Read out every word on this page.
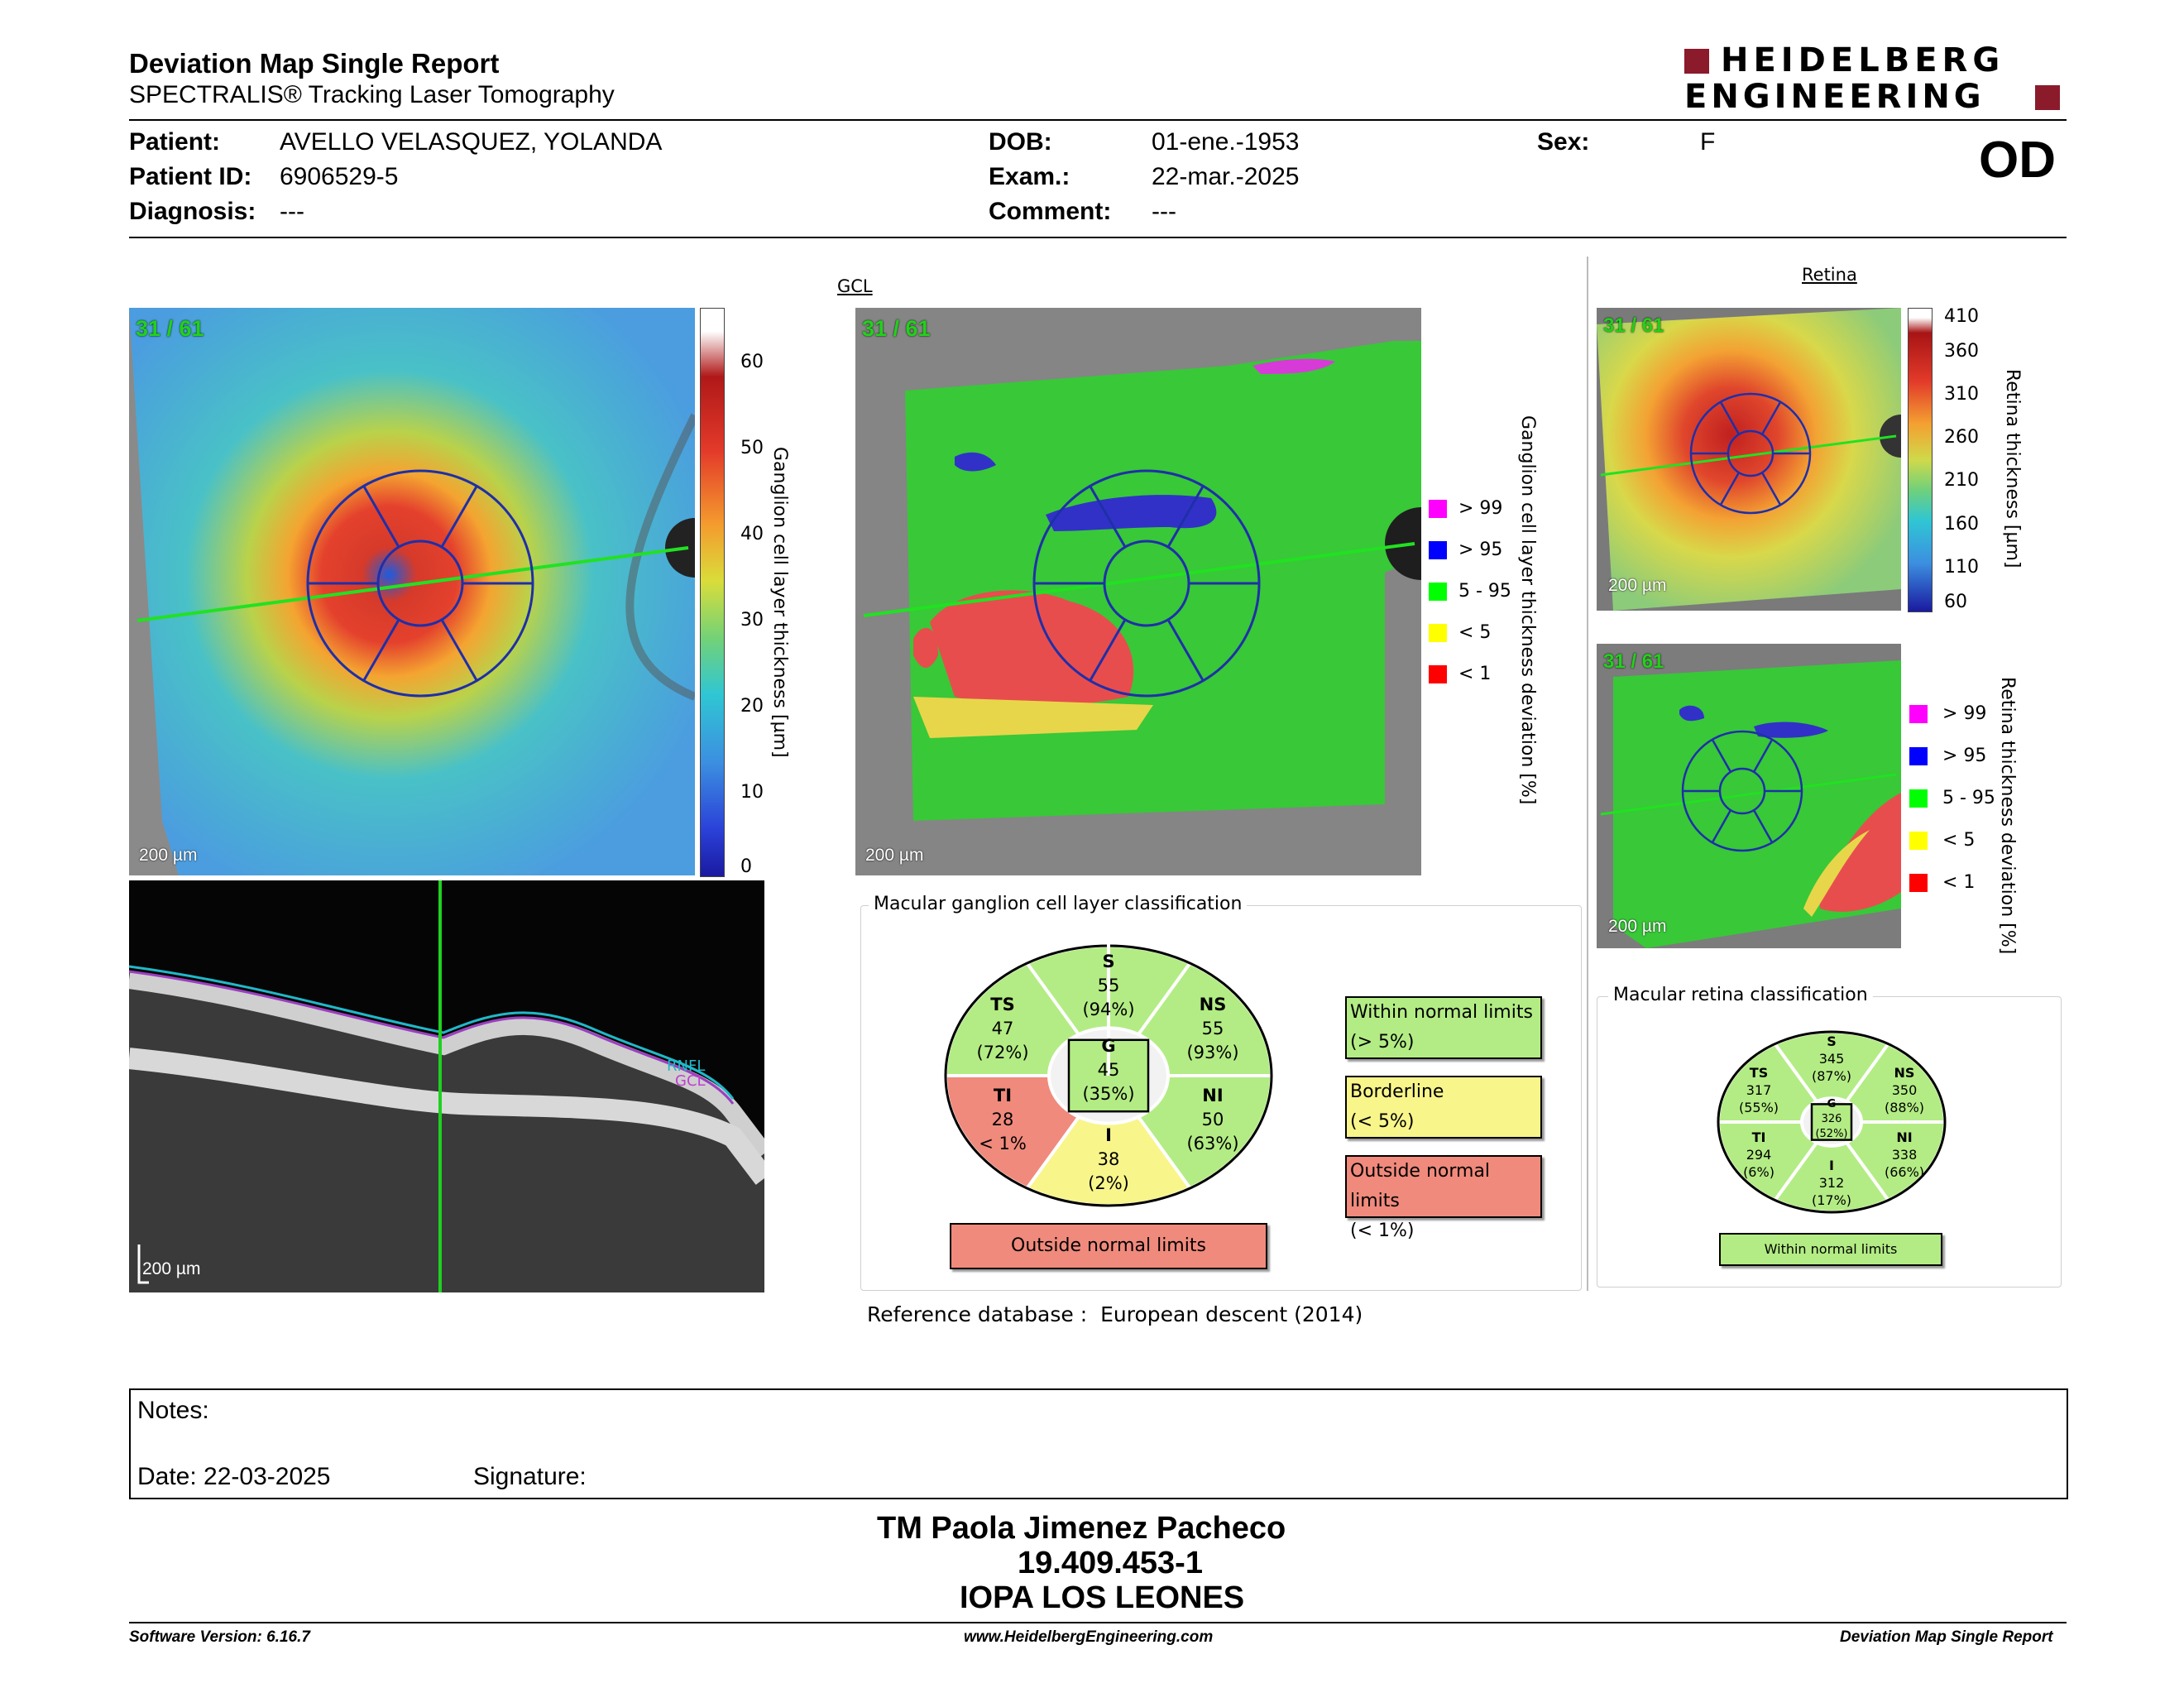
Deviation Map Single Report
SPECTRALIS® Tracking Laser Tomography
HEIDELBERG
ENGINEERING
Patient: AVELLO VELASQUEZ, YOLANDA
Patient ID: 6906529-5
Diagnosis: ---
DOB:	01-ene.-1953
Exam.:	22-mar.-2025
Comment: ---
Sex:	F	OD
31 / 61
200 µm
60
50
40
30
20
10
0
Ganglion cell layer thickness [µm]
RNFL
GCL
200 µm
GCL
31 / 61
200 µm
> 99
> 95
5 - 95
< 5
< 1 Ganglion cell layer thickness deviation [%]
Macular ganglion cell layer classification
S
55
(94%)
TS
47
(72%)
NS
55
(93%)
G
45
(35%)
TI
28
< 1%
NI
50
(63%)
I
38
(2%)
Outside normal limits
Within normal limits
(> 5%)
Borderline
(< 5%)
Outside normal limits
(< 1%)
Reference database : European descent (2014)
Retina
31 / 61
200 µm
410
360
310
260
210
160
110
60
Retina thickness [µm]
31 / 61
200 µm
> 99
> 95
5 - 95
< 5
< 1 Retina thickness deviation [%]
Macular retina classification
S
345
(87%)
TS
317
(55%)
NS
350
(88%)
G
326
(52%)
TI
294
(6%)
NI
338
(66%)
I
312
(17%)
Within normal limits
Notes:
Date: 22-03-2025	Signature:
TM Paola Jimenez Pacheco
19.409.453-1
IOPA LOS LEONES
Software Version: 6.16.7	www.HeidelbergEngineering.com	Deviation Map Single Report
